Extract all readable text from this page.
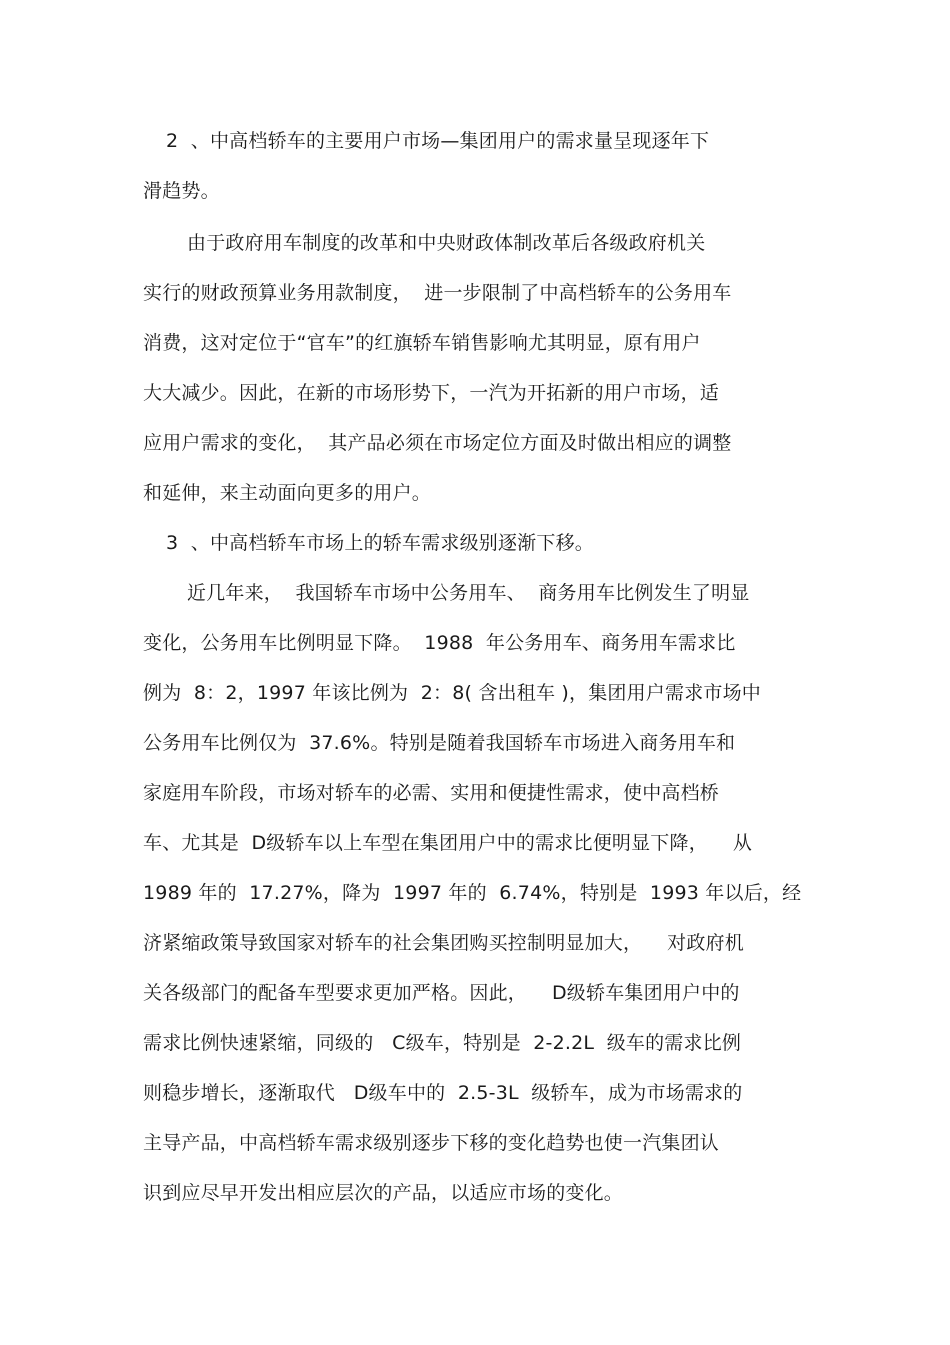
2  、中高档轿车的主要用户市场—集团用户的需求量呈现逐年下
滑趋势。
由于政府用车制度的改革和中央财政体制改革后各级政府机关
实行的财政预算业务用款制度，  进一步限制了中高档轿车的公务用车
消费，这对定位于“官车”的红旗轿车销售影响尤其明显，原有用户
大大减少。因此，在新的市场形势下，一汽为开拓新的用户市场，适
应用户需求的变化，  其产品必须在市场定位方面及时做出相应的调整
和延伸，来主动面向更多的用户。
3  、中高档轿车市场上的轿车需求级别逐渐下移。
近几年来，  我国轿车市场中公务用车、  商务用车比例发生了明显
变化，公务用车比例明显下降。  1988  年公务用车、商务用车需求比
例为  8：2，1997 年该比例为  2：8( 含出租车 )，集团用户需求市场中
公务用车比例仅为  37.6%。特别是随着我国轿车市场进入商务用车和
家庭用车阶段，市场对轿车的必需、实用和便捷性需求，使中高档桥
车、尤其是  D级轿车以上车型在集团用户中的需求比便明显下降，    从
1989 年的  17.27%，降为  1997 年的  6.74%，特别是  1993 年以后，经
济紧缩政策导致国家对轿车的社会集团购买控制明显加大，    对政府机
关各级部门的配备车型要求更加严格。因此，    D级轿车集团用户中的
需求比例快速紧缩，同级的   C级车，特别是  2-2.2L  级车的需求比例
则稳步增长，逐渐取代   D级车中的  2.5-3L  级轿车，成为市场需求的
主导产品，中高档轿车需求级别逐步下移的变化趋势也使一汽集团认
识到应尽早开发出相应层次的产品，以适应市场的变化。
